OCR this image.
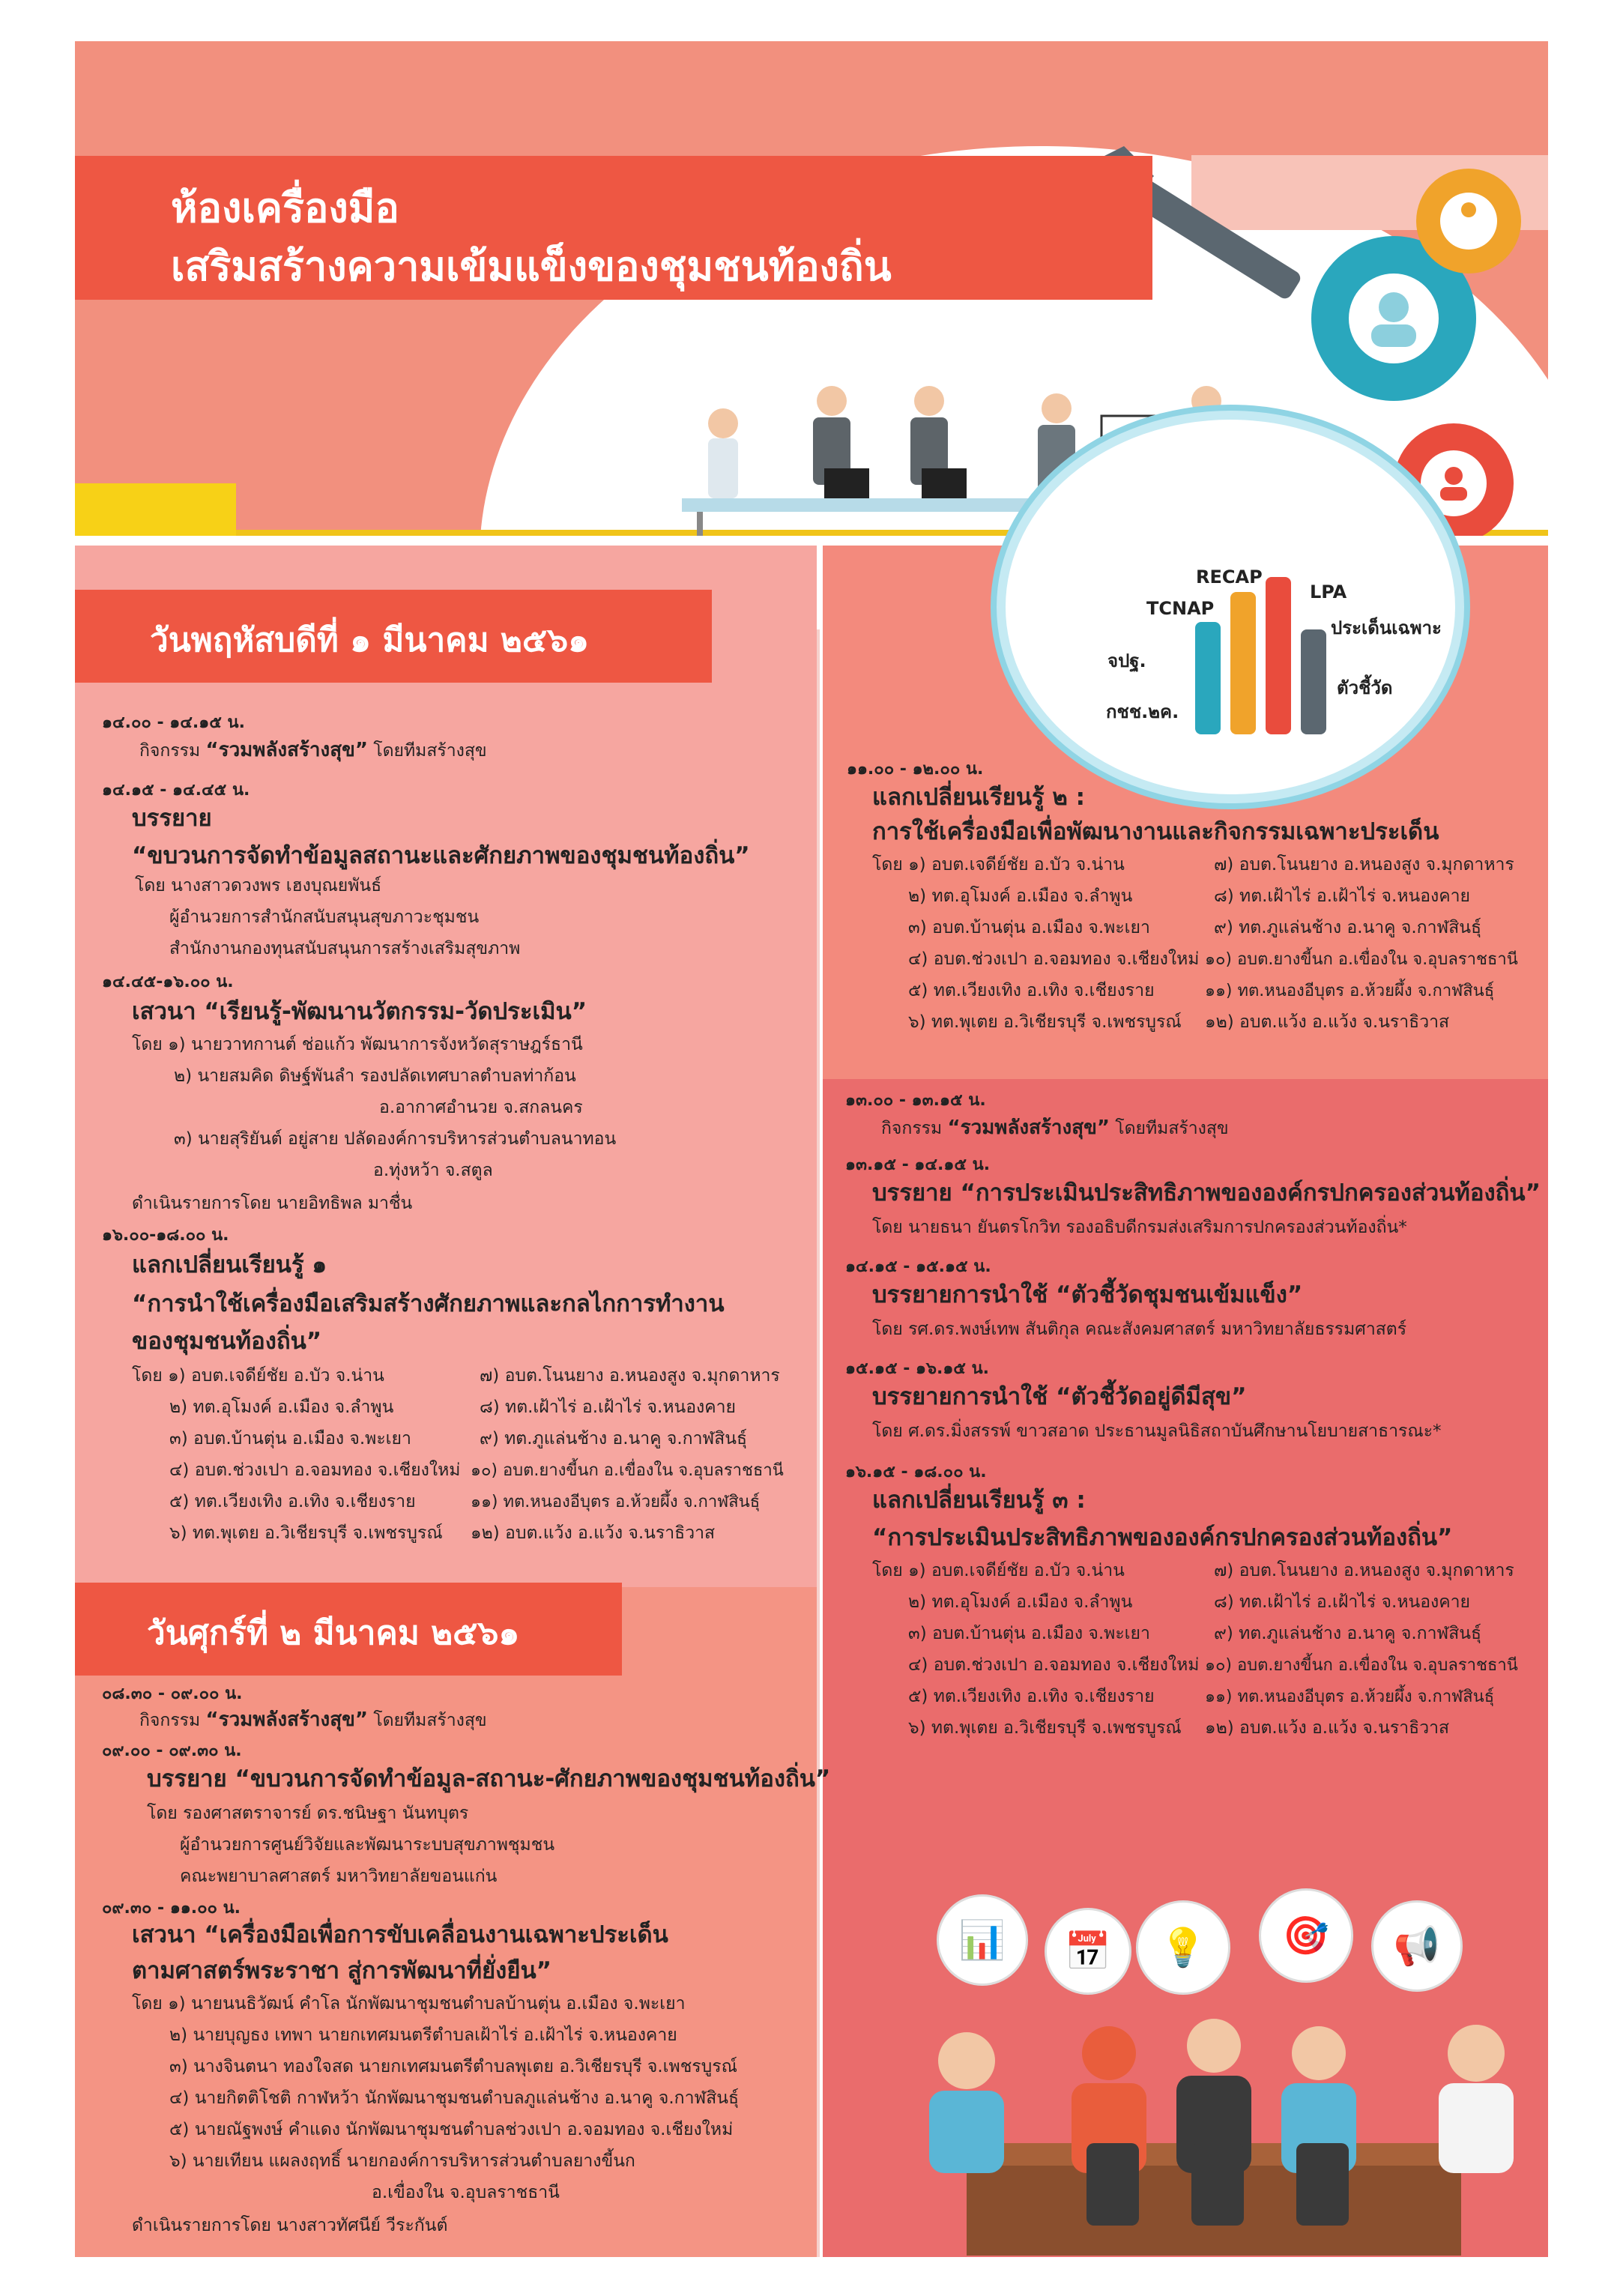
ห้องเครื่องมือ
เสริมสร้างความเข้มแข็งของชุมชนท้องถิ่น
RECAP
LPA
TCNAP
ประเด็นเฉพาะ
จปฐ.
ตัวชี้วัด
กชช.๒ค.
วันพฤหัสบดีที่ ๑ มีนาคม ๒๕๖๑
๑๔.๐๐ - ๑๔.๑๕ น.
กิจกรรม “รวมพลังสร้างสุข” โดยทีมสร้างสุข
๑๔.๑๕ - ๑๔.๔๕ น.
บรรยาย
“ขบวนการจัดทำข้อมูลสถานะและศักยภาพของชุมชนท้องถิ่น”
โดย นางสาวดวงพร เฮงบุณยพันธ์
ผู้อำนวยการสำนักสนับสนุนสุขภาวะชุมชน
สำนักงานกองทุนสนับสนุนการสร้างเสริมสุขภาพ
๑๔.๔๕-๑๖.๐๐ น.
เสวนา “เรียนรู้-พัฒนานวัตกรรม-วัดประเมิน”
โดย ๑) นายวาทกานต์ ช่อแก้ว พัฒนาการจังหวัดสุราษฎร์ธานี
๒) นายสมคิด ดิษฐ์พันลำ รองปลัดเทศบาลตำบลท่าก้อน
อ.อากาศอำนวย จ.สกลนคร
๓) นายสุริยันต์ อยู่สาย ปลัดองค์การบริหารส่วนตำบลนาทอน
อ.ทุ่งหว้า จ.สตูล
ดำเนินรายการโดย นายอิทธิพล มาชื่น
๑๖.๐๐-๑๘.๐๐ น.
แลกเปลี่ยนเรียนรู้ ๑
“การนำใช้เครื่องมือเสริมสร้างศักยภาพและกลไกการทำงาน
ของชุมชนท้องถิ่น”
โดย ๑) อบต.เจดีย์ชัย อ.บัว จ.น่าน
๒) ทต.อุโมงค์ อ.เมือง จ.ลำพูน
๓) อบต.บ้านตุ่น อ.เมือง จ.พะเยา
๔) อบต.ช่วงเปา อ.จอมทอง จ.เชียงใหม่
๕) ทต.เวียงเทิง อ.เทิง จ.เชียงราย
๖) ทต.พุเตย อ.วิเชียรบุรี จ.เพชรบูรณ์
๗) อบต.โนนยาง อ.หนองสูง จ.มุกดาหาร
๘) ทต.เฝ้าไร่ อ.เฝ้าไร่ จ.หนองคาย
๙) ทต.ภูแล่นช้าง อ.นาคู จ.กาฬสินธุ์
๑๐) อบต.ยางขี้นก อ.เขื่องใน จ.อุบลราชธานี
๑๑) ทต.หนองอีบุตร อ.ห้วยผึ้ง จ.กาฬสินธุ์
๑๒) อบต.แว้ง อ.แว้ง จ.นราธิวาส
วันศุกร์ที่ ๒ มีนาคม ๒๕๖๑
๐๘.๓๐ - ๐๙.๐๐ น.
กิจกรรม “รวมพลังสร้างสุข” โดยทีมสร้างสุข
๐๙.๐๐ - ๐๙.๓๐ น.
บรรยาย “ขบวนการจัดทำข้อมูล-สถานะ-ศักยภาพของชุมชนท้องถิ่น”
โดย รองศาสตราจารย์ ดร.ชนิษฐา นันทบุตร
ผู้อำนวยการศูนย์วิจัยและพัฒนาระบบสุขภาพชุมชน
คณะพยาบาลศาสตร์ มหาวิทยาลัยขอนแก่น
๐๙.๓๐ - ๑๑.๐๐ น.
เสวนา “เครื่องมือเพื่อการขับเคลื่อนงานเฉพาะประเด็น
ตามศาสตร์พระราชา สู่การพัฒนาที่ยั่งยืน”
โดย ๑) นายนนธิวัฒน์ คำโล นักพัฒนาชุมชนตำบลบ้านตุ่น อ.เมือง จ.พะเยา
๒) นายบุญธง เทพา นายกเทศมนตรีตำบลเฝ้าไร่ อ.เฝ้าไร่ จ.หนองคาย
๓) นางจินตนา ทองใจสด นายกเทศมนตรีตำบลพุเตย อ.วิเชียรบุรี จ.เพชรบูรณ์
๔) นายกิตติโชติ กาฬหว้า นักพัฒนาชุมชนตำบลภูแล่นช้าง อ.นาคู จ.กาฬสินธุ์
๕) นายณัฐพงษ์ คำแดง นักพัฒนาชุมชนตำบลช่วงเปา อ.จอมทอง จ.เชียงใหม่
๖) นายเทียน แผลงฤทธิ์ นายกองค์การบริหารส่วนตำบลยางขี้นก
อ.เขื่องใน จ.อุบลราชธานี
ดำเนินรายการโดย นางสาวทัศนีย์ วีระกันต์
๑๑.๐๐ - ๑๒.๐๐ น.
แลกเปลี่ยนเรียนรู้ ๒ :
การใช้เครื่องมือเพื่อพัฒนางานและกิจกรรมเฉพาะประเด็น
โดย ๑) อบต.เจดีย์ชัย อ.บัว จ.น่าน
๒) ทต.อุโมงค์ อ.เมือง จ.ลำพูน
๓) อบต.บ้านตุ่น อ.เมือง จ.พะเยา
๔) อบต.ช่วงเปา อ.จอมทอง จ.เชียงใหม่
๕) ทต.เวียงเทิง อ.เทิง จ.เชียงราย
๖) ทต.พุเตย อ.วิเชียรบุรี จ.เพชรบูรณ์
๗) อบต.โนนยาง อ.หนองสูง จ.มุกดาหาร
๘) ทต.เฝ้าไร่ อ.เฝ้าไร่ จ.หนองคาย
๙) ทต.ภูแล่นช้าง อ.นาคู จ.กาฬสินธุ์
๑๐) อบต.ยางขี้นก อ.เขื่องใน จ.อุบลราชธานี
๑๑) ทต.หนองอีบุตร อ.ห้วยผึ้ง จ.กาฬสินธุ์
๑๒) อบต.แว้ง อ.แว้ง จ.นราธิวาส
๑๓.๐๐ - ๑๓.๑๕ น.
กิจกรรม “รวมพลังสร้างสุข” โดยทีมสร้างสุข
๑๓.๑๕ - ๑๔.๑๕ น.
บรรยาย “การประเมินประสิทธิภาพขององค์กรปกครองส่วนท้องถิ่น”
โดย นายธนา ยันตรโกวิท รองอธิบดีกรมส่งเสริมการปกครองส่วนท้องถิ่น*
๑๔.๑๕ - ๑๕.๑๕ น.
บรรยายการนำใช้ “ตัวชี้วัดชุมชนเข้มแข็ง”
โดย รศ.ดร.พงษ์เทพ สันติกุล คณะสังคมศาสตร์ มหาวิทยาลัยธรรมศาสตร์
๑๕.๑๕ - ๑๖.๑๕ น.
บรรยายการนำใช้ “ตัวชี้วัดอยู่ดีมีสุข”
โดย ศ.ดร.มิ่งสรรพ์ ขาวสอาด ประธานมูลนิธิสถาบันศึกษานโยบายสาธารณะ*
๑๖.๑๕ - ๑๘.๐๐ น.
แลกเปลี่ยนเรียนรู้ ๓ :
“การประเมินประสิทธิภาพขององค์กรปกครองส่วนท้องถิ่น”
โดย ๑) อบต.เจดีย์ชัย อ.บัว จ.น่าน
๒) ทต.อุโมงค์ อ.เมือง จ.ลำพูน
๓) อบต.บ้านตุ่น อ.เมือง จ.พะเยา
๔) อบต.ช่วงเปา อ.จอมทอง จ.เชียงใหม่
๕) ทต.เวียงเทิง อ.เทิง จ.เชียงราย
๖) ทต.พุเตย อ.วิเชียรบุรี จ.เพชรบูรณ์
๗) อบต.โนนยาง อ.หนองสูง จ.มุกดาหาร
๘) ทต.เฝ้าไร่ อ.เฝ้าไร่ จ.หนองคาย
๙) ทต.ภูแล่นช้าง อ.นาคู จ.กาฬสินธุ์
๑๐) อบต.ยางขี้นก อ.เขื่องใน จ.อุบลราชธานี
๑๑) ทต.หนองอีบุตร อ.ห้วยผึ้ง จ.กาฬสินธุ์
๑๒) อบต.แว้ง อ.แว้ง จ.นราธิวาส
📊	📅	💡	🎯	📢
